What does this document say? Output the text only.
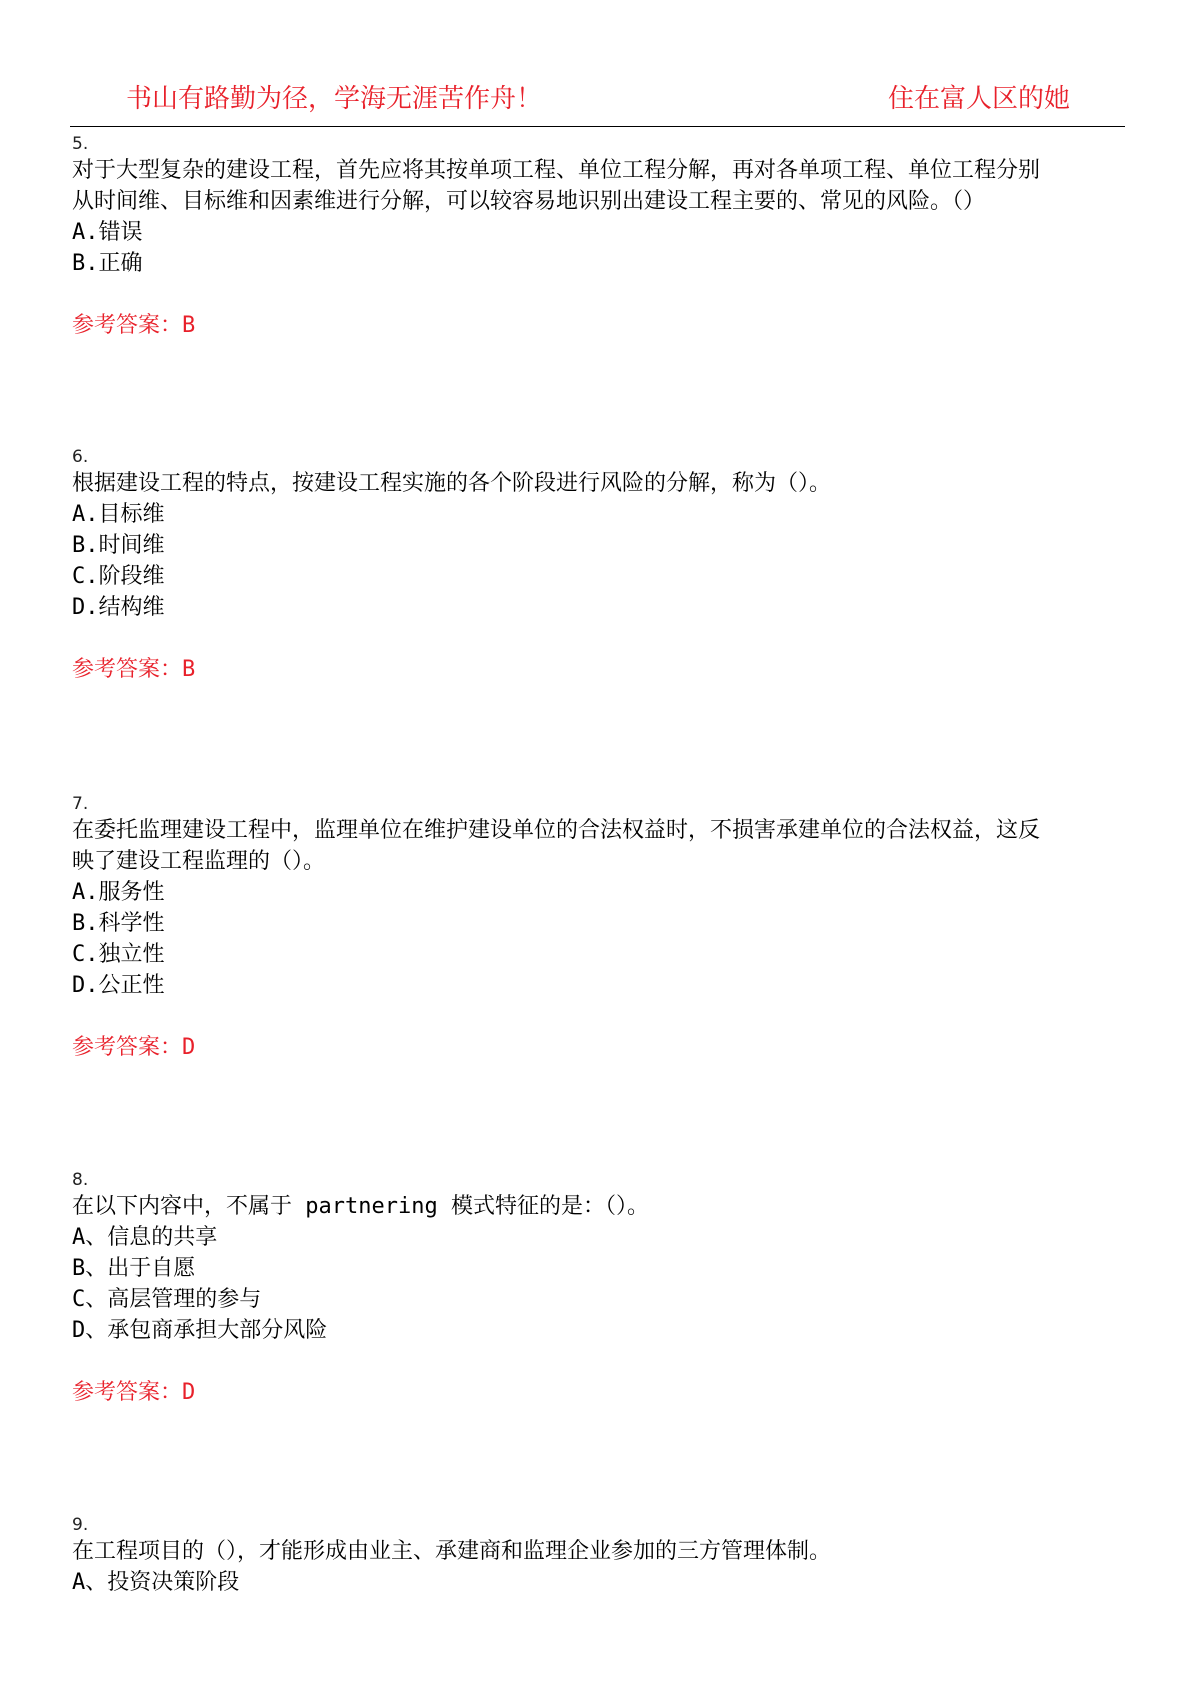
书山有路勤为径，学海无涯苦作舟！	住在富人区的她
5.
对于大型复杂的建设工程，首先应将其按单项工程、单位工程分解，再对各单项工程、单位工程分别
从时间维、目标维和因素维进行分解，可以较容易地识别出建设工程主要的、常见的风险。（）
A.错误
B.正确
参考答案：B
6.
根据建设工程的特点，按建设工程实施的各个阶段进行风险的分解，称为（）。
A.目标维
B.时间维
C.阶段维
D.结构维
参考答案：B
7.
在委托监理建设工程中，监理单位在维护建设单位的合法权益时，不损害承建单位的合法权益，这反
映了建设工程监理的（）。
A.服务性
B.科学性
C.独立性
D.公正性
参考答案：D
8.
在以下内容中，不属于 partnering 模式特征的是：（）。
A、信息的共享
B、出于自愿
C、高层管理的参与
D、承包商承担大部分风险
参考答案：D
9.
在工程项目的（），才能形成由业主、承建商和监理企业参加的三方管理体制。
A、投资决策阶段
